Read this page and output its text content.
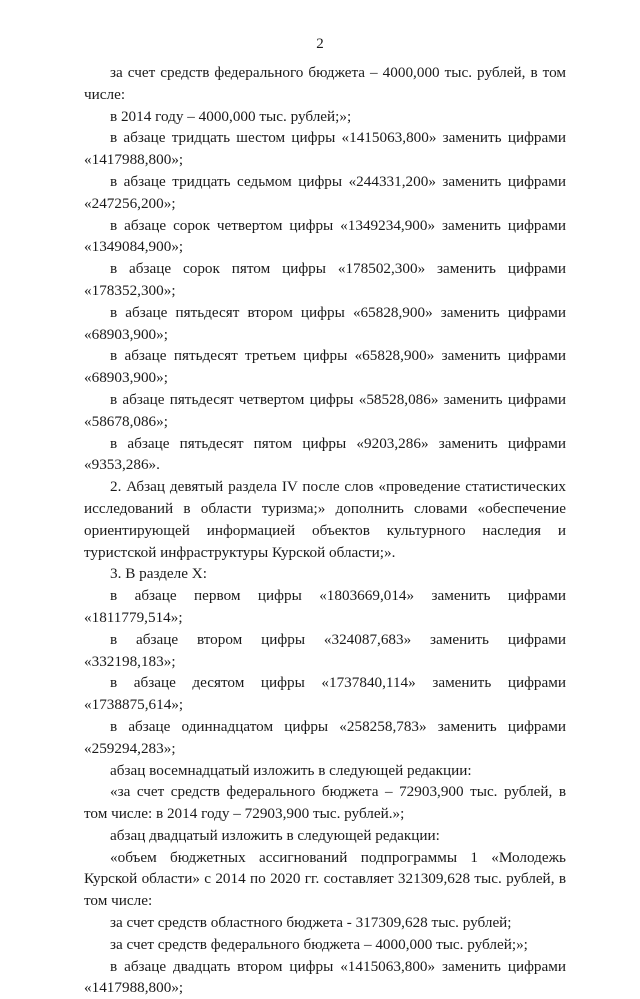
2

за счет средств федерального бюджета – 4000,000 тыс. рублей, в том числе:

в 2014 году – 4000,000 тыс. рублей;»;

в абзаце тридцать шестом цифры «1415063,800» заменить цифрами «1417988,800»;

в абзаце тридцать седьмом цифры «244331,200» заменить цифрами «247256,200»;

в абзаце сорок четвертом цифры «1349234,900» заменить цифрами «1349084,900»;

в абзаце сорок пятом цифры «178502,300» заменить цифрами «178352,300»;

в абзаце пятьдесят втором цифры «65828,900» заменить цифрами «68903,900»;

в абзаце пятьдесят третьем цифры «65828,900» заменить цифрами «68903,900»;

в абзаце пятьдесят четвертом цифры «58528,086» заменить цифрами «58678,086»;

в абзаце пятьдесят пятом цифры «9203,286» заменить цифрами «9353,286».

2. Абзац девятый раздела IV после слов «проведение статистических исследований в области туризма;» дополнить словами «обеспечение ориентирующей информацией объектов культурного наследия и туристской инфраструктуры Курской области;».

3. В разделе X:

в абзаце первом цифры «1803669,014» заменить цифрами «1811779,514»;

в абзаце втором цифры «324087,683» заменить цифрами «332198,183»;

в абзаце десятом цифры «1737840,114» заменить цифрами «1738875,614»;

в абзаце одиннадцатом цифры «258258,783» заменить цифрами «259294,283»;

абзац восемнадцатый изложить в следующей редакции:

«за счет средств федерального бюджета – 72903,900 тыс. рублей, в том числе: в 2014 году – 72903,900 тыс. рублей.»;

абзац двадцатый изложить в следующей редакции:

«объем бюджетных ассигнований подпрограммы 1 «Молодежь Курской области» с 2014 по 2020 гг. составляет 321309,628 тыс. рублей, в том числе:

за счет средств областного бюджета - 317309,628 тыс. рублей;

за счет средств федерального бюджета – 4000,000 тыс. рублей;»;

в абзаце двадцать втором цифры «1415063,800» заменить цифрами «1417988,800»;
